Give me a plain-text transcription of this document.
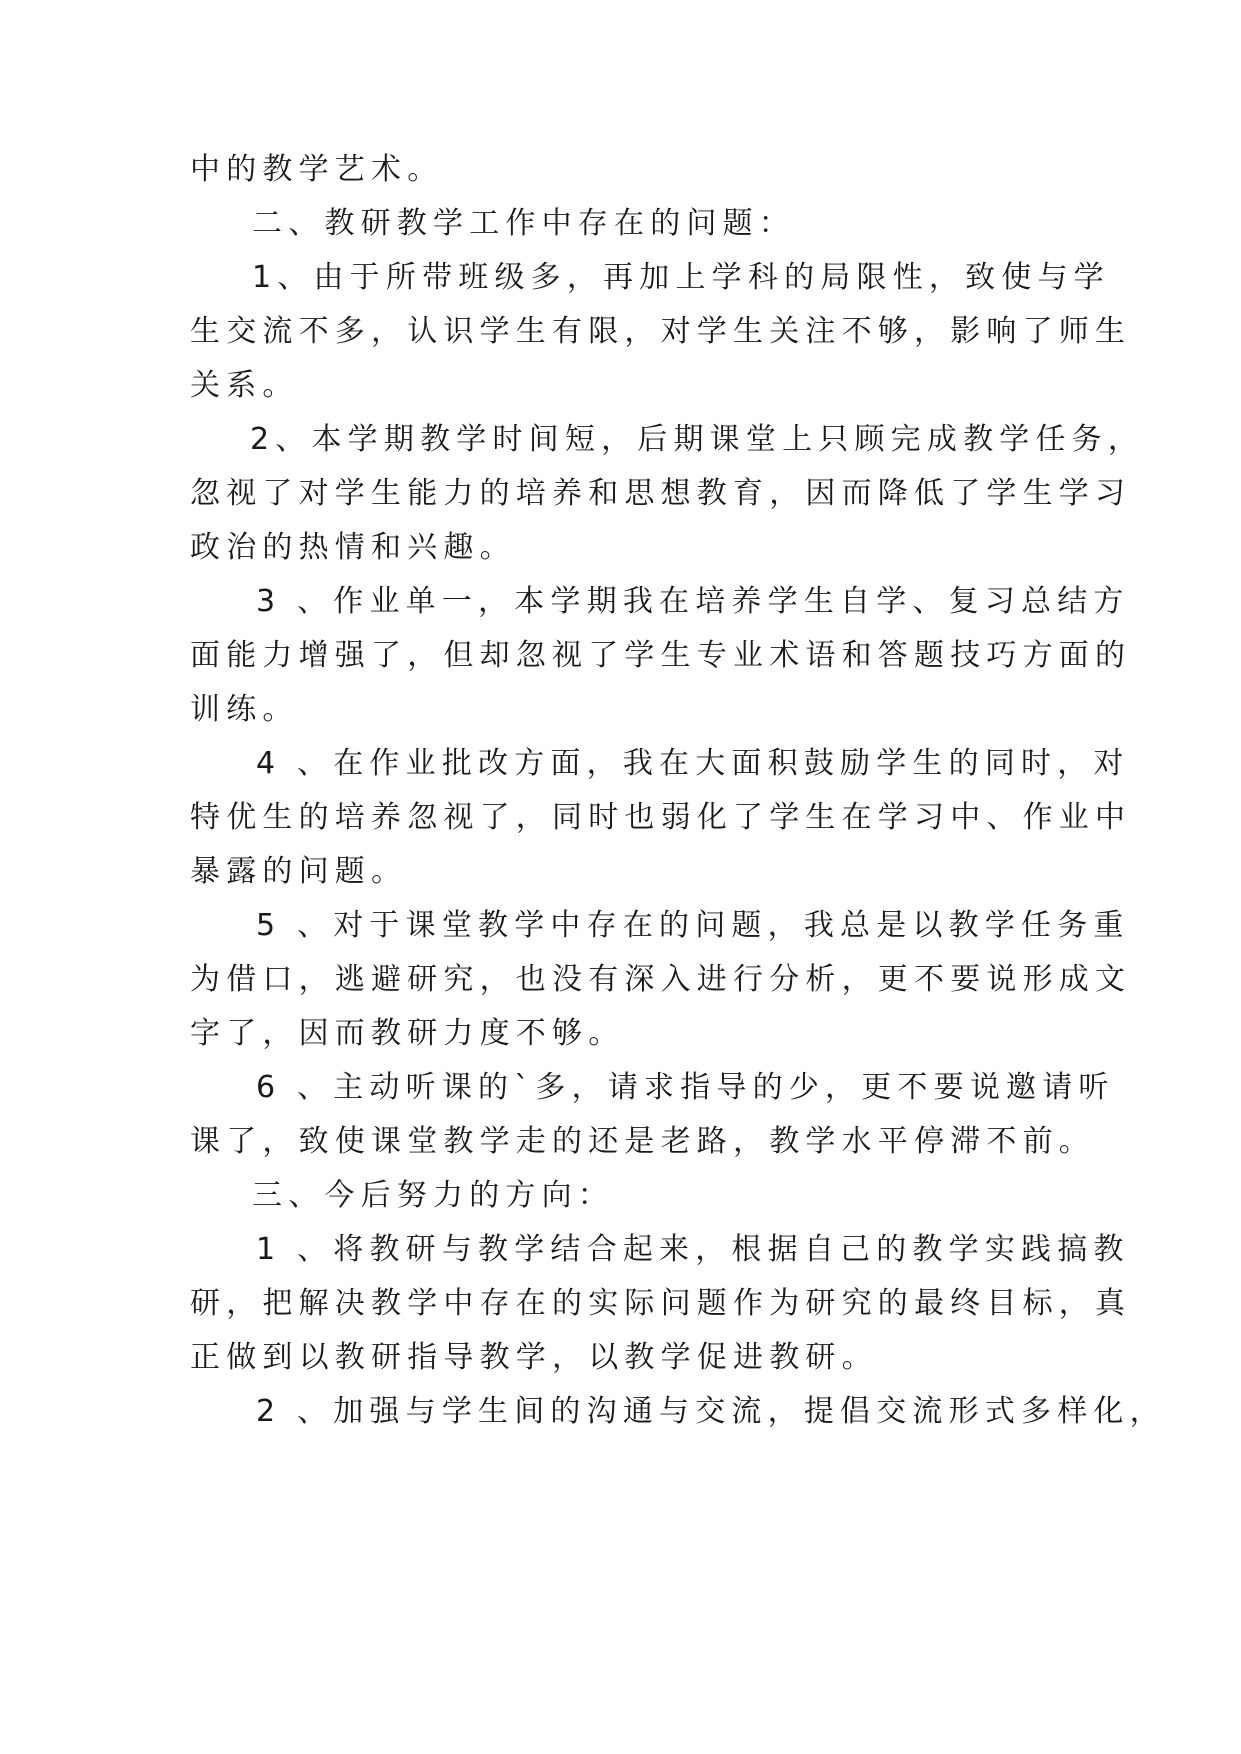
中的教学艺术。
二、教研教学工作中存在的问题：
1、由于所带班级多，再加上学科的局限性，致使与学
生交流不多，认识学生有限，对学生关注不够，影响了师生
关系。
2、本学期教学时间短，后期课堂上只顾完成教学任务，
忽视了对学生能力的培养和思想教育，因而降低了学生学习
政治的热情和兴趣。
3 、作业单一，本学期我在培养学生自学、复习总结方
面能力增强了，但却忽视了学生专业术语和答题技巧方面的
训练。
4 、在作业批改方面，我在大面积鼓励学生的同时，对
特优生的培养忽视了，同时也弱化了学生在学习中、作业中
暴露的问题。
5 、对于课堂教学中存在的问题，我总是以教学任务重
为借口，逃避研究，也没有深入进行分析，更不要说形成文
字了，因而教研力度不够。
6 、主动听课的`多，请求指导的少，更不要说邀请听
课了，致使课堂教学走的还是老路，教学水平停滞不前。
三、今后努力的方向：
1 、将教研与教学结合起来，根据自己的教学实践搞教
研，把解决教学中存在的实际问题作为研究的最终目标，真
正做到以教研指导教学，以教学促进教研。
2 、加强与学生间的沟通与交流，提倡交流形式多样化，
